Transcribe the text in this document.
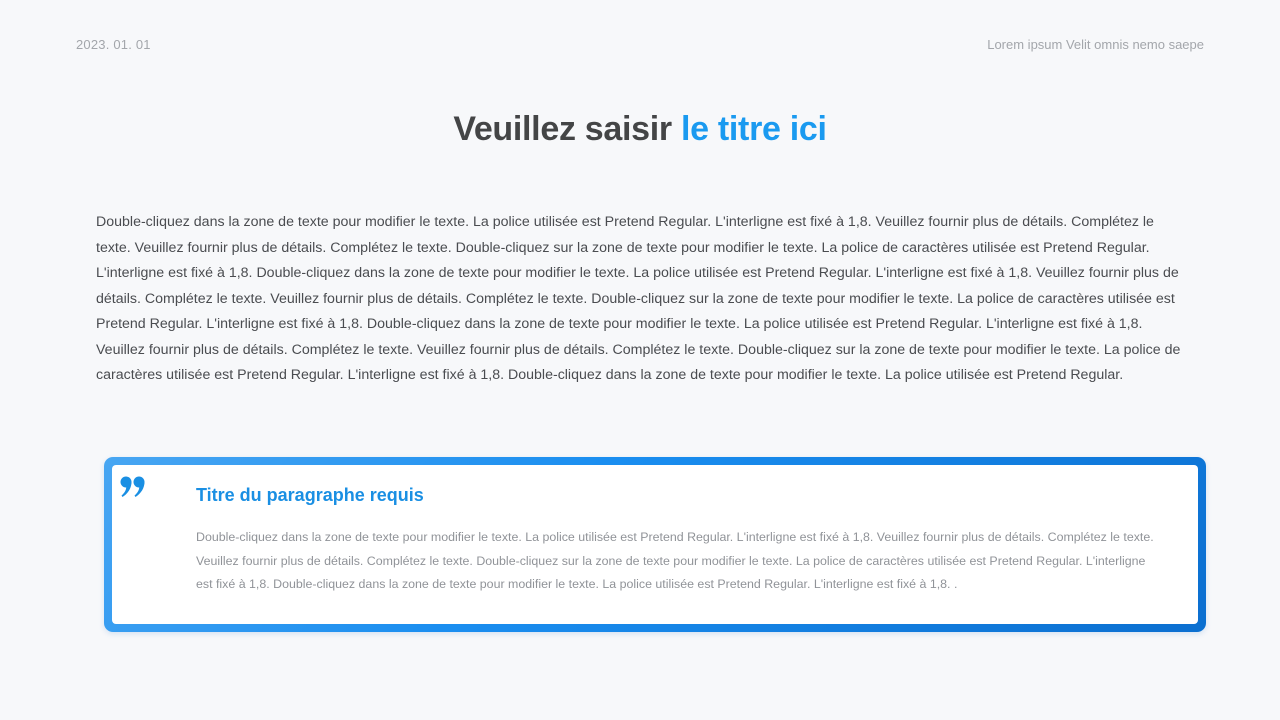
2023. 01. 01	Lorem ipsum Velit omnis nemo saepe
Veuillez saisir le titre ici
Double-cliquez dans la zone de texte pour modifier le texte. La police utilisée est Pretend Regular. L'interligne est fixé à 1,8. Veuillez fournir plus de détails. Complétez le texte. Veuillez fournir plus de détails. Complétez le texte. Double-cliquez sur la zone de texte pour modifier le texte. La police de caractères utilisée est Pretend Regular. L'interligne est fixé à 1,8. Double-cliquez dans la zone de texte pour modifier le texte. La police utilisée est Pretend Regular. L'interligne est fixé à 1,8. Veuillez fournir plus de détails. Complétez le texte. Veuillez fournir plus de détails. Complétez le texte. Double-cliquez sur la zone de texte pour modifier le texte. La police de caractères utilisée est Pretend Regular. L'interligne est fixé à 1,8. Double-cliquez dans la zone de texte pour modifier le texte. La police utilisée est Pretend Regular. L'interligne est fixé à 1,8. Veuillez fournir plus de détails. Complétez le texte. Veuillez fournir plus de détails. Complétez le texte. Double-cliquez sur la zone de texte pour modifier le texte. La police de caractères utilisée est Pretend Regular. L'interligne est fixé à 1,8. Double-cliquez dans la zone de texte pour modifier le texte. La police utilisée est Pretend Regular.
Titre du paragraphe requis
Double-cliquez dans la zone de texte pour modifier le texte. La police utilisée est Pretend Regular. L'interligne est fixé à 1,8. Veuillez fournir plus de détails. Complétez le texte. Veuillez fournir plus de détails. Complétez le texte. Double-cliquez sur la zone de texte pour modifier le texte. La police de caractères utilisée est Pretend Regular. L'interligne est fixé à 1,8. Double-cliquez dans la zone de texte pour modifier le texte. La police utilisée est Pretend Regular. L'interligne est fixé à 1,8. .
